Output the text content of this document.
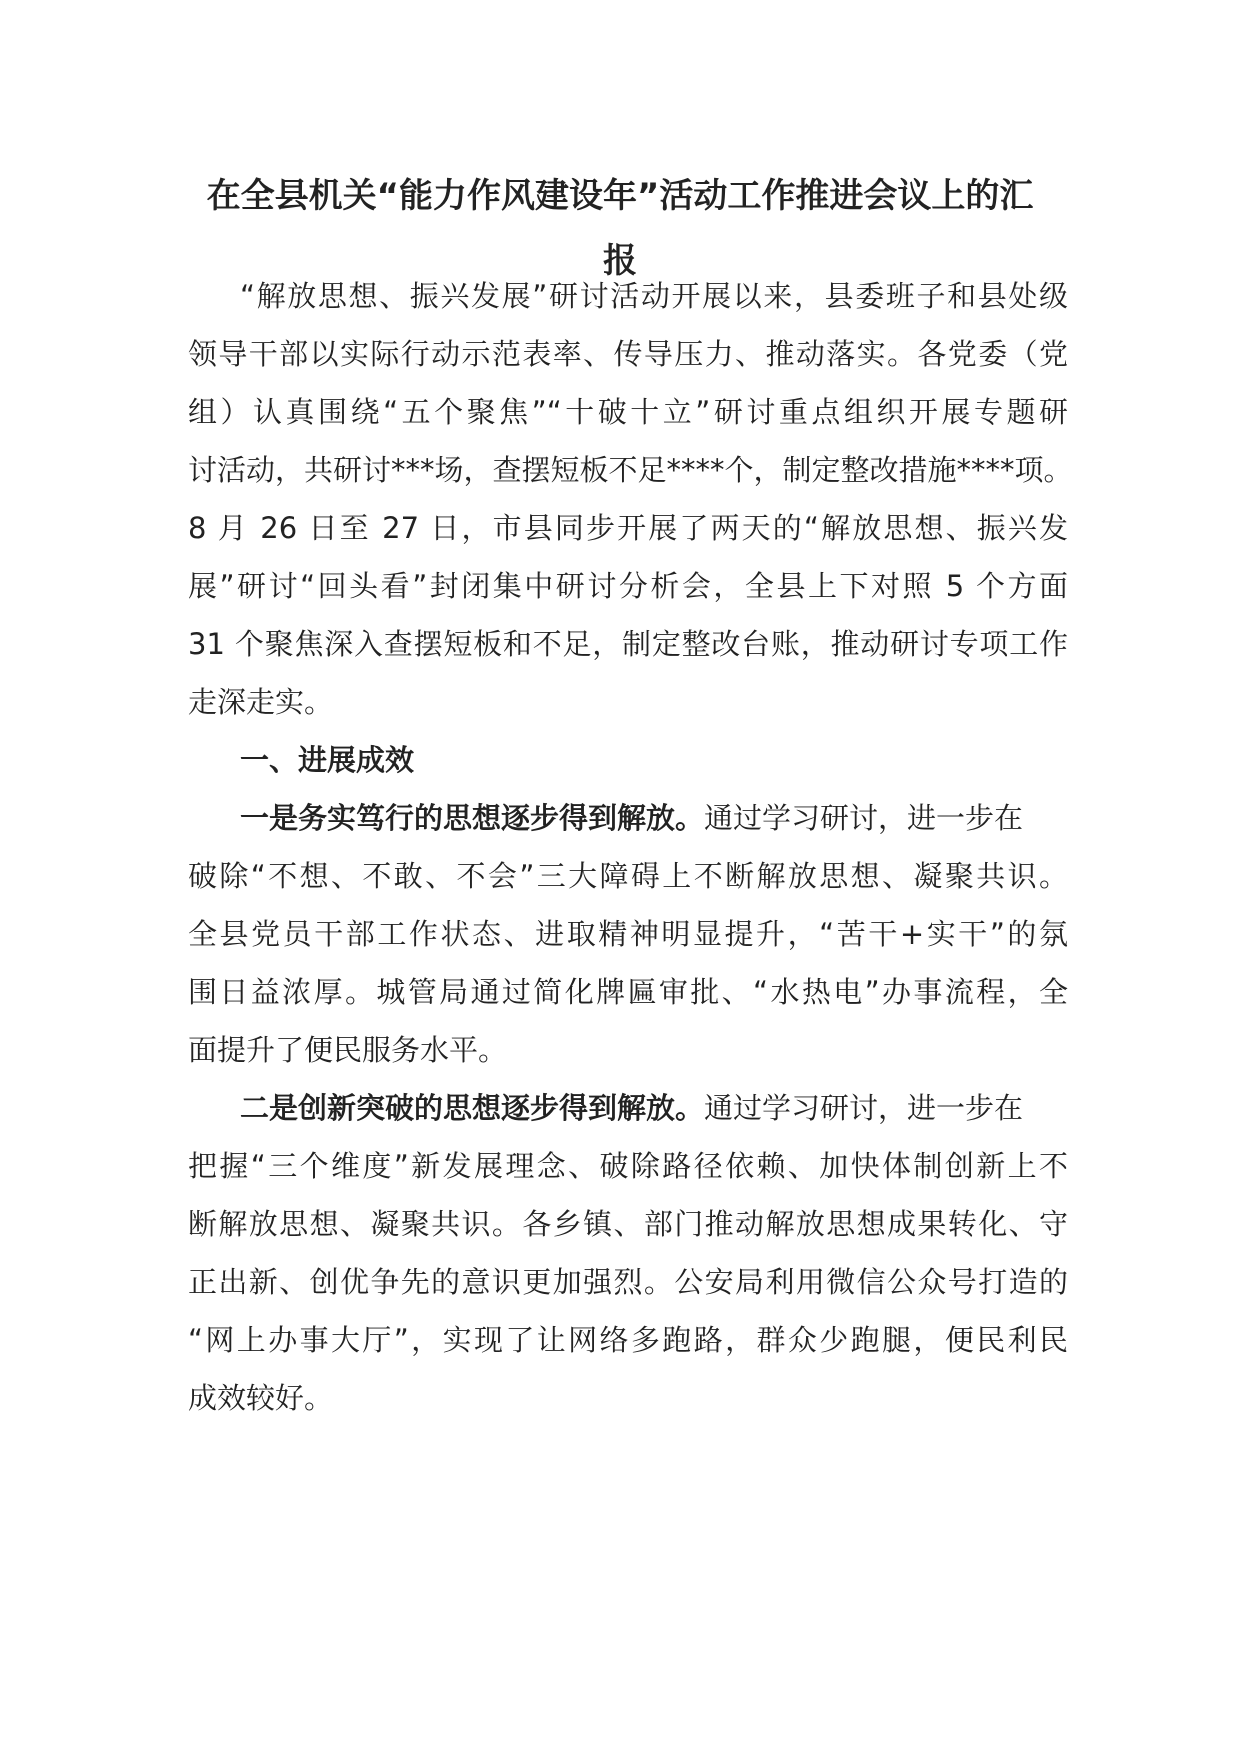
在全县机关“能力作风建设年”活动工作推进会议上的汇
报
“解放思想、振兴发展”研讨活动开展以来，县委班子和县处级
领导干部以实际行动示范表率、传导压力、推动落实。各党委（党
组）认真围绕“五个聚焦”“十破十立”研讨重点组织开展专题研
讨活动，共研讨***场，查摆短板不足****个，制定整改措施****项。
8 月 26 日至 27 日，市县同步开展了两天的“解放思想、振兴发
展”研讨“回头看”封闭集中研讨分析会，全县上下对照 5 个方面
31 个聚焦深入查摆短板和不足，制定整改台账，推动研讨专项工作
走深走实。
一、进展成效
一是务实笃行的思想逐步得到解放。通过学习研讨，进一步在
破除“不想、不敢、不会”三大障碍上不断解放思想、凝聚共识。
全县党员干部工作状态、进取精神明显提升，“苦干+实干”的氛
围日益浓厚。城管局通过简化牌匾审批、“水热电”办事流程，全
面提升了便民服务水平。
二是创新突破的思想逐步得到解放。通过学习研讨，进一步在
把握“三个维度”新发展理念、破除路径依赖、加快体制创新上不
断解放思想、凝聚共识。各乡镇、部门推动解放思想成果转化、守
正出新、创优争先的意识更加强烈。公安局利用微信公众号打造的
“网上办事大厅”，实现了让网络多跑路，群众少跑腿，便民利民
成效较好。
